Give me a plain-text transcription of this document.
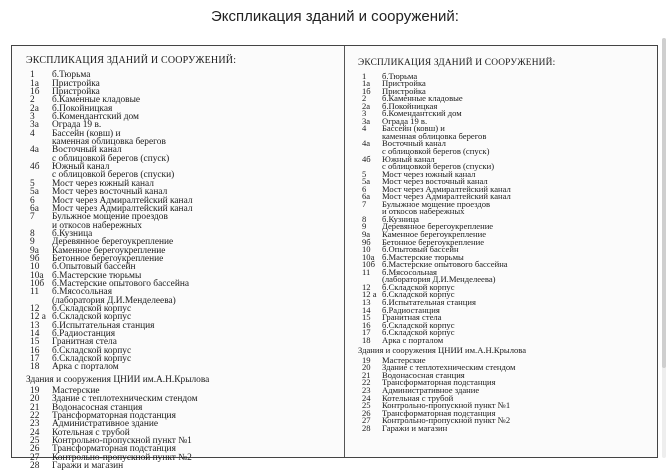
Экспликация зданий и сооружений:
ЭКСПЛИКАЦИЯ ЗДАНИЙ И СООРУЖЕНИЙ:
1	б.Тюрьма
1а	Пристройка
1б	Пристройка
2	б.Каменные кладовые
2а	б.Покойницкая
3	б.Комендантский дом
3а	Ограда 19 в.
4	Бассейн (ковш) и
каменная облицовка берегов
4а	Восточный канал
с облицовкой берегов (спуск)
4б	Южный канал
с облицовкой берегов (спуски)
5	Мост через южный канал
5а	Мост через восточный канал
6	Мост через Адмиралтейский канал
6а	Мост через Адмиралтейский канал
7	Бульжное мощение проездов
и откосов набережных
8	б.Кузница
9	Деревянное берегоукрепление
9а	Каменное берегоукрепление
9б	Бетонное берегоукрепление
10	б.Опытовый бассейн
10а б.Мастерские тюрьмы
10б б.Мастерские опытового бассейна
11	б.Мясосольная
(лаборатория Д.И.Менделеева)
12	б.Складской корпус
12 а б.Складской корпус
13	б.Испытательная станция
14	б.Радиостанция
15	Гранитная стела
16	б.Складской корпус
17	б.Складской корпус
18	Арка с порталом
Здания и сооружения ЦНИИ им.А.Н.Крылова
19	Мастерские
20	Здание с теплотехническим стендом
21	Водонасосная станция
22	Трансформаторная подстанция
23	Административное здание
24	Котельная с трубой
25	Контрольно-пропускной пункт №1
26	Трансформаторная подстанция
27	Контрольно-пропускной пункт №2
28	Гаражи и магазин
ЭКСПЛИКАЦИЯ ЗДАНИЙ И СООРУЖЕНИЙ:
1	б.Тюрьма
1а	Пристройка
1б	Пристройка
2	б.Каменные кладовые
2а	б.Покойницкая
3	б.Комендантский дом
3а	Ограда 19 в.
4	Бассейн (ковш) и
каменная облицовка берегов
4а	Восточный канал
с облицовкой берегов (спуск)
4б	Южный канал
с облицовкой берегов (спуски)
5	Мост через южный канал
5а	Мост через восточный канал
6	Мост через Адмиралтейский канал
6а	Мост через Адмиралтейский канал
7	Булыжное мощение проездов
и откосов набережных
8	б.Кузница
9	Деревянное берегоукрепление
9а	Каменное берегоукрепление
9б	Бетонное берегоукрепление
10	б.Опытовый бассейн
10а б.Мастерские тюрьмы
10б б.Мастерские опытового бассейна
11	б.Мясосольная
(лаборатория Д.И.Менделеева)
12	б.Складской корпус
12 а б.Складской корпус
13	б.Испытательная станция
14	б.Радиостанция
15	Гранитная стела
16	б.Складской корпус
17	б.Складской корпус
18	Арка с порталом
Здания и сооружения ЦНИИ им.А.Н.Крылова
19	Мастерские
20	Здание с теплотехническим стендом
21	Водонасосная станция
22	Трансформаторная подстанция
23	Административное здание
24	Котельная с трубой
25	Контрольно-пропускной пункт №1
26	Трансформаторная подстанция
27	Контрольно-пропускной пункт №2
28	Гаражи и магазин
